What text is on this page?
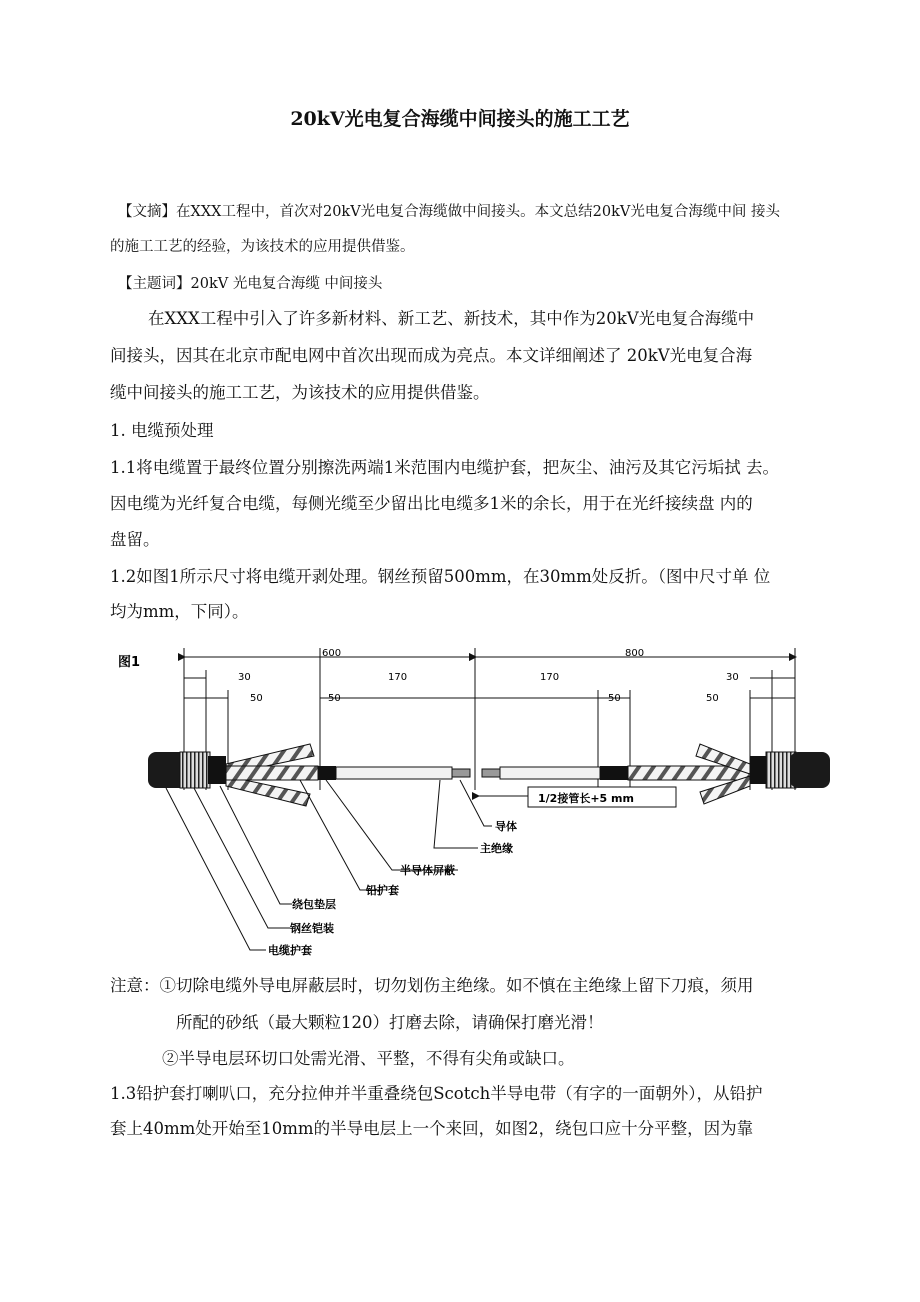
20kV光电复合海缆中间接头的施工工艺
【文摘】在XXX工程中，首次对20kV光电复合海缆做中间接头。本文总结20kV光电复合海缆中间 接头
的施工工艺的经验，为该技术的应用提供借鉴。
【主题词】20kV 光电复合海缆 中间接头
在XXX工程中引入了许多新材料、新工艺、新技术，其中作为20kV光电复合海缆中
间接头，因其在北京市配电网中首次出现而成为亮点。本文详细阐述了 20kV光电复合海
缆中间接头的施工工艺，为该技术的应用提供借鉴。
1. 电缆预处理
1.1将电缆置于最终位置分别擦洗两端1米范围内电缆护套，把灰尘、油污及其它污垢拭 去。
因电缆为光纤复合电缆，每侧光缆至少留出比电缆多1米的余长，用于在光纤接续盘 内的
盘留。
1.2如图1所示尺寸将电缆开剥处理。钢丝预留500mm，在30mm处反折。（图中尺寸单 位
均为mm，下同）。
图1
600	800
30
50	50
170	170
50
30
50
1/2接管长+5 mm
导体
主绝缘
半导体屏蔽
铅护套
绕包垫层
钢丝铠装
电缆护套
注意：①切除电缆外导电屏蔽层时，切勿划伤主绝缘。如不慎在主绝缘上留下刀痕，须用
所配的砂纸（最大颗粒120）打磨去除，请确保打磨光滑！
②半导电层环切口处需光滑、平整，不得有尖角或缺口。
1.3铅护套打喇叭口，充分拉伸并半重叠绕包Scotch半导电带（有字的一面朝外），从铅护
套上40mm处开始至10mm的半导电层上一个来回，如图2，绕包口应十分平整，因为靠
